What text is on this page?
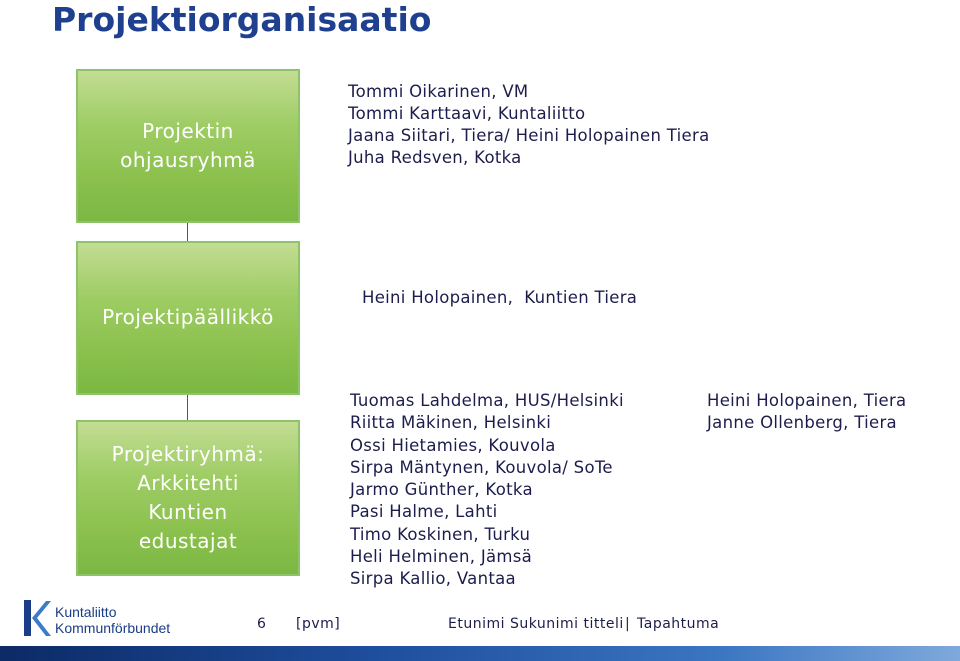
Projektiorganisaatio
Projektin
ohjausryhmä
Projektipäällikkö
Projektiryhmä:
Arkkitehti
Kuntien
edustajat
Tommi Oikarinen, VM
Tommi Karttaavi, Kuntaliitto
Jaana Siitari, Tiera/ Heini Holopainen Tiera
Juha Redsven, Kotka
Heini Holopainen,  Kuntien Tiera
Tuomas Lahdelma, HUS/Helsinki
Riitta Mäkinen, Helsinki
Ossi Hietamies, Kouvola
Sirpa Mäntynen, Kouvola/ SoTe
Jarmo Günther, Kotka
Pasi Halme, Lahti
Timo Koskinen, Turku
Heli Helminen, Jämsä
Sirpa Kallio, Vantaa
Heini Holopainen, Tiera
Janne Ollenberg, Tiera
Kuntaliitto
Kommunförbundet	6 [pvm]	Etunimi Sukunimi titteli | Tapahtuma
